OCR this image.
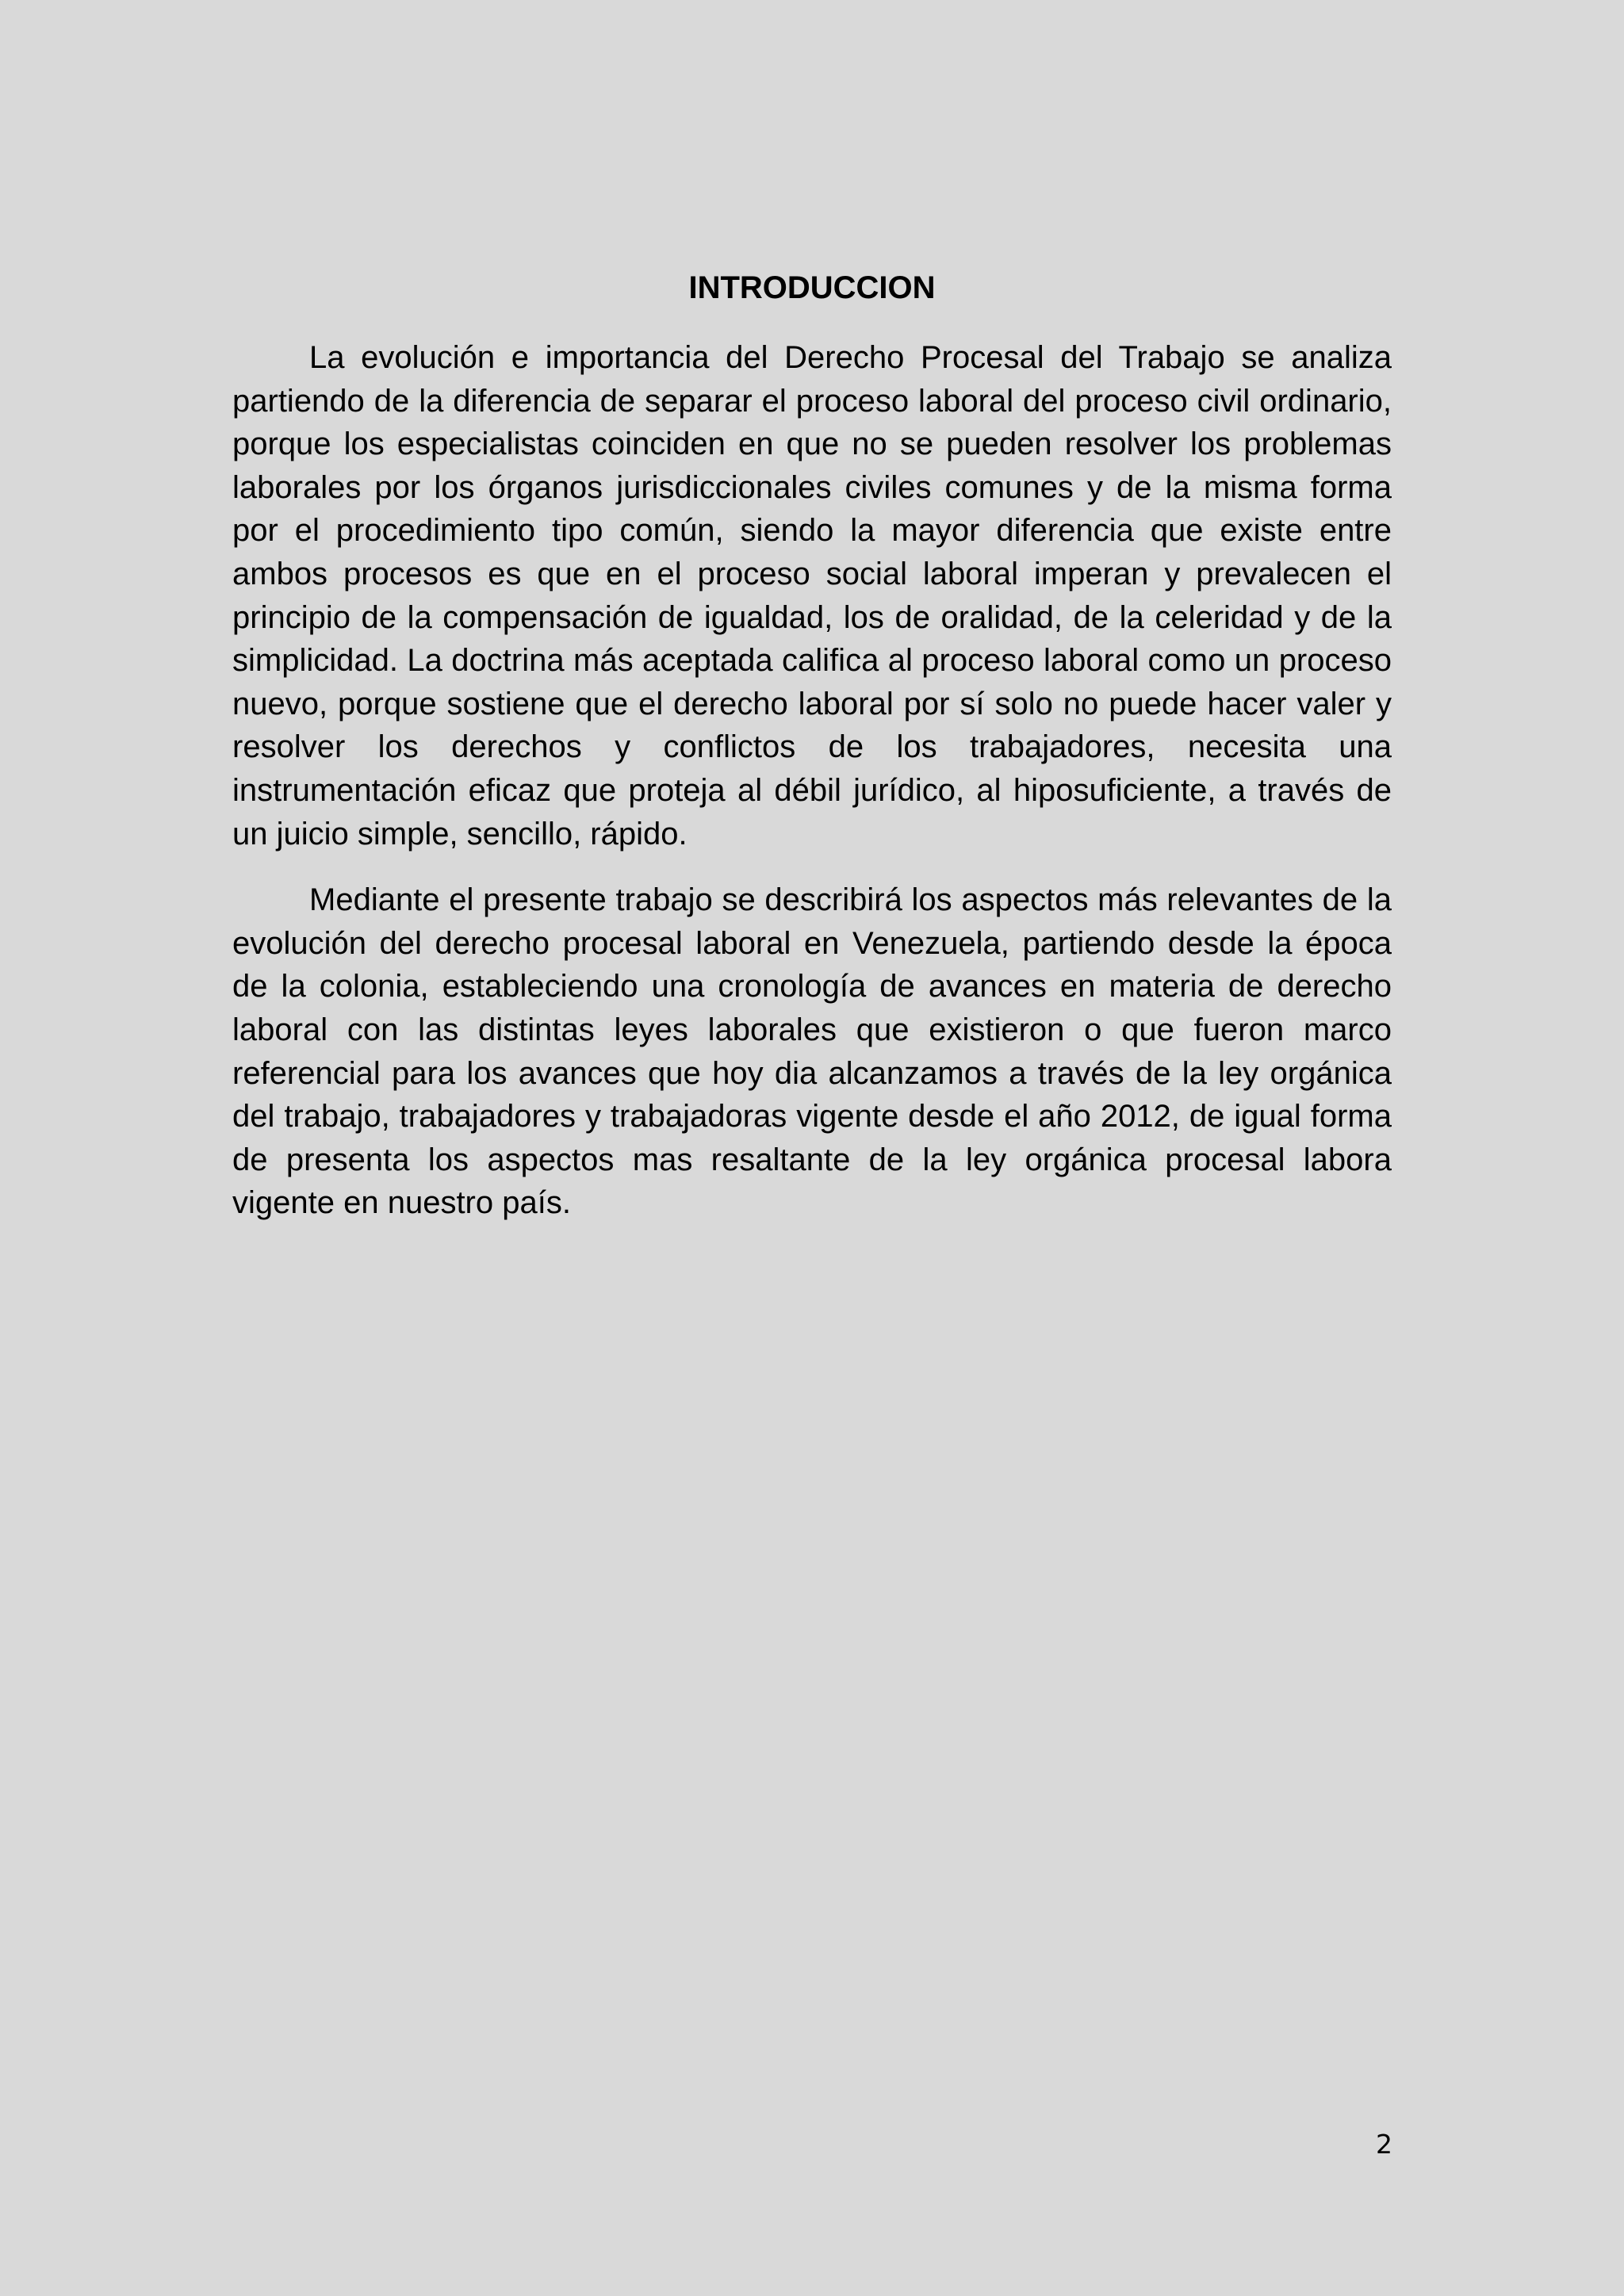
INTRODUCCION

La evolución e importancia del Derecho Procesal del Trabajo se analiza partiendo de la diferencia de separar el proceso laboral del proceso civil ordinario, porque los especialistas coinciden en que no se pueden resolver los problemas laborales por los órganos jurisdiccionales civiles comunes y de la misma forma por el procedimiento tipo común, siendo la mayor diferencia que existe entre ambos procesos es que en el proceso social laboral imperan y prevalecen el principio de la compensación de igualdad, los de oralidad, de la celeridad y de la simplicidad. La doctrina más aceptada califica al proceso laboral como un proceso nuevo, porque sostiene que el derecho laboral por sí solo no puede hacer valer y resolver los derechos y conflictos de los trabajadores, necesita una instrumentación eficaz que proteja al débil jurídico, al hiposuficiente, a través de un juicio simple, sencillo, rápido.

Mediante el presente trabajo se describirá los aspectos más relevantes de la evolución del derecho procesal laboral en Venezuela, partiendo desde la época de la colonia, estableciendo una cronología de avances en materia de derecho laboral con las distintas leyes laborales que existieron o que fueron marco referencial para los avances que hoy dia alcanzamos a través de la ley orgánica del trabajo, trabajadores y trabajadoras vigente desde el año 2012, de igual forma de presenta los aspectos mas resaltante de la ley orgánica procesal labora vigente en nuestro país.

2
